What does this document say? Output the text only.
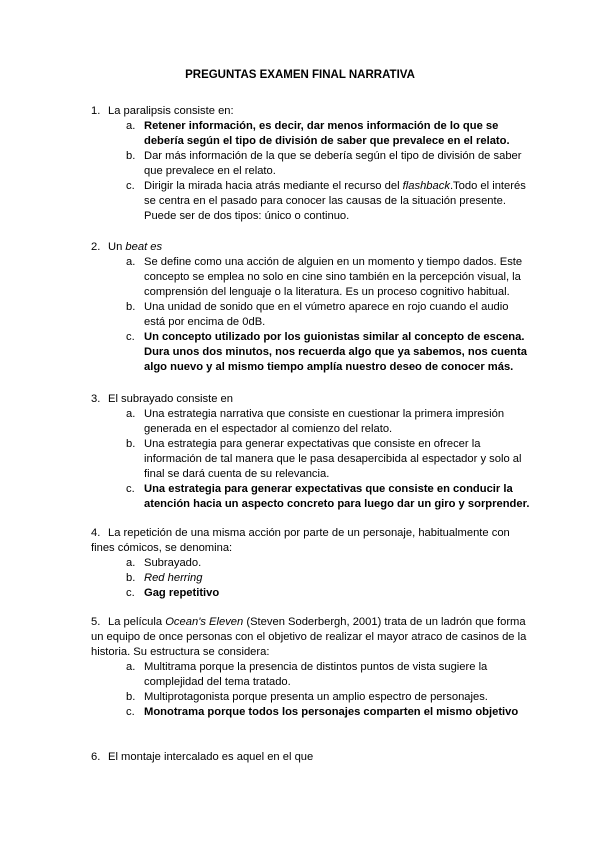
PREGUNTAS EXAMEN FINAL NARRATIVA
1. La paralipsis consiste en:
a. Retener información, es decir, dar menos información de lo que se debería según el tipo de división de saber que prevalece en el relato.
b. Dar más información de la que se debería según el tipo de división de saber que prevalece en el relato.
c. Dirigir la mirada hacia atrás mediante el recurso del flashback.Todo el interés se centra en el pasado para conocer las causas de la situación presente. Puede ser de dos tipos: único o continuo.
2. Un beat es
a. Se define como una acción de alguien en un momento y tiempo dados. Este concepto se emplea no solo en cine sino también en la percepción visual, la comprensión del lenguaje o la literatura. Es un proceso cognitivo habitual.
b. Una unidad de sonido que en el vúmetro aparece en rojo cuando el audio está por encima de 0dB.
c. Un concepto utilizado por los guionistas similar al concepto de escena. Dura unos dos minutos, nos recuerda algo que ya sabemos, nos cuenta algo nuevo y al mismo tiempo amplía nuestro deseo de conocer más.
3. El subrayado consiste en
a. Una estrategia narrativa que consiste en cuestionar la primera impresión generada en el espectador al comienzo del relato.
b. Una estrategia para generar expectativas que consiste en ofrecer la información de tal manera que le pasa desapercibida al espectador y solo al final se dará cuenta de su relevancia.
c. Una estrategia para generar expectativas que consiste en conducir la atención hacia un aspecto concreto para luego dar un giro y sorprender.
4. La repetición de una misma acción por parte de un personaje, habitualmente con fines cómicos, se denomina:
a. Subrayado.
b. Red herring
c. Gag repetitivo
5. La película Ocean's Eleven (Steven Soderbergh, 2001) trata de un ladrón que forma un equipo de once personas con el objetivo de realizar el mayor atraco de casinos de la historia. Su estructura se considera:
a. Multitrama porque la presencia de distintos puntos de vista sugiere la complejidad del tema tratado.
b. Multiprotagonista porque presenta un amplio espectro de personajes.
c. Monotrama porque todos los personajes comparten el mismo objetivo
6. El montaje intercalado es aquel en el que
